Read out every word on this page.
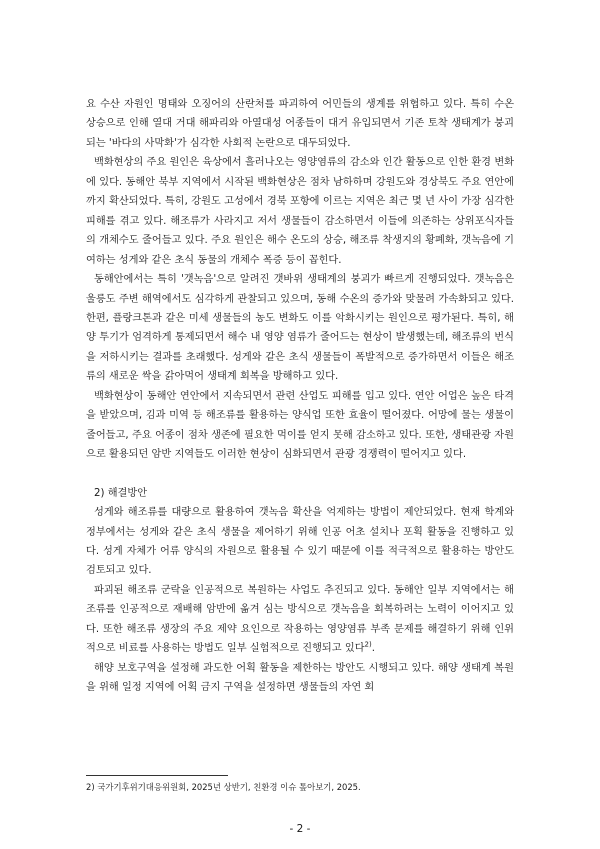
요 수산 자원인 명태와 오징어의 산란처를 파괴하여 어민들의 생계를 위협하고 있다. 특히 수온 상승으로 인해 열대 거대 해파리와 아열대성 어종들이 대거 유입되면서 기존 토착 생태계가 붕괴되는 '바다의 사막화'가 심각한 사회적 논란으로 대두되었다.

백화현상의 주요 원인은 육상에서 흘러나오는 영양염류의 감소와 인간 활동으로 인한 환경 변화에 있다. 동해안 북부 지역에서 시작된 백화현상은 점차 남하하며 강원도와 경상북도 주요 연안에까지 확산되었다. 특히, 강원도 고성에서 경북 포항에 이르는 지역은 최근 몇 년 사이 가장 심각한 피해를 겪고 있다. 해조류가 사라지고 저서 생물들이 감소하면서 이들에 의존하는 상위포식자들의 개체수도 줄어들고 있다. 주요 원인은 해수 온도의 상승, 해조류 착생지의 황폐화, 갯녹음에 기여하는 성게와 같은 초식 동물의 개체수 폭증 등이 꼽힌다.

동해안에서는 특히 '갯녹음'으로 알려진 갯바위 생태계의 붕괴가 빠르게 진행되었다. 갯녹음은 울릉도 주변 해역에서도 심각하게 관찰되고 있으며, 동해 수온의 증가와 맞물려 가속화되고 있다. 한편, 플랑크톤과 같은 미세 생물들의 농도 변화도 이를 악화시키는 원인으로 평가된다. 특히, 해양 투기가 엄격하게 통제되면서 해수 내 영양 염류가 줄어드는 현상이 발생했는데, 해조류의 번식을 저하시키는 결과를 초래했다. 성게와 같은 초식 생물들이 폭발적으로 증가하면서 이들은 해조류의 새로운 싹을 갉아먹어 생태계 회복을 방해하고 있다.

백화현상이 동해안 연안에서 지속되면서 관련 산업도 피해를 입고 있다. 연안 어업은 높은 타격을 받았으며, 김과 미역 등 해조류를 활용하는 양식업 또한 효율이 떨어졌다. 어망에 물는 생물이 줄어들고, 주요 어종이 점차 생존에 필요한 먹이를 얻지 못해 감소하고 있다. 또한, 생태관광 자원으로 활용되던 암반 지역들도 이러한 현상이 심화되면서 관광 경쟁력이 떨어지고 있다.

2) 해결방안

성게와 해조류를 대량으로 활용하여 갯녹음 확산을 억제하는 방법이 제안되었다. 현재 학계와 정부에서는 성게와 같은 초식 생물을 제어하기 위해 인공 어초 설치나 포획 활동을 진행하고 있다. 성게 자체가 어류 양식의 자원으로 활용될 수 있기 때문에 이를 적극적으로 활용하는 방안도 검토되고 있다.

파괴된 해조류 군락을 인공적으로 복원하는 사업도 추진되고 있다. 동해안 일부 지역에서는 해조류를 인공적으로 재배해 암반에 옮겨 심는 방식으로 갯녹음을 회복하려는 노력이 이어지고 있다. 또한 해조류 생장의 주요 제약 요인으로 작용하는 영양염류 부족 문제를 해결하기 위해 인위적으로 비료를 사용하는 방법도 일부 실험적으로 진행되고 있다$^{2)}$.

해양 보호구역을 설정해 과도한 어획 활동을 제한하는 방안도 시행되고 있다. 해양 생태계 복원을 위해 일정 지역에 어획 금지 구역을 설정하면 생물들의 자연 회

2) 국가기후위기대응위원회, 2025년 상반기, 친환경 이슈 톺아보기, 2025.
- 2 -
